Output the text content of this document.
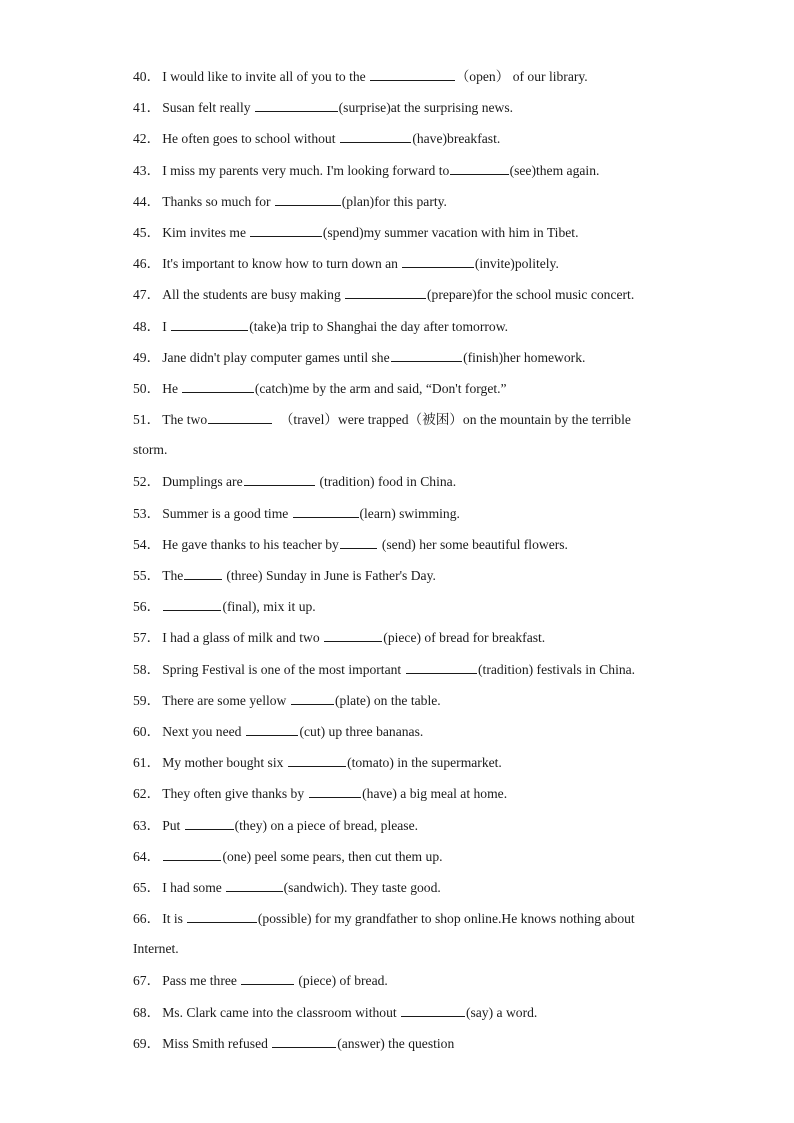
40． I would like to invite all of you to the	（open） of our library.
41． Susan felt really	(surprise)at the surprising news.
42． He often goes to school without	(have)breakfast.
43． I miss my parents very much. I'm looking forward to	(see)them again.
44． Thanks so much for	(plan)for this party.
45． Kim invites me	(spend)my summer vacation with him in Tibet.
46． It's important to know how to turn down an	(invite)politely.
47． All the students are busy making	(prepare)for the school music concert.
48． I	(take)a trip to Shanghai the day after tomorrow.
49． Jane didn't play computer games until she	(finish)her homework.
50． He	(catch)me by the arm and said, “Don't forget.”
51． The two	（travel）were trapped（被困）on the mountain by the terrible
storm.
52． Dumplings are	(tradition) food in China.
53． Summer is a good time	(learn) swimming.
54． He gave thanks to his teacher by	(send) her some beautiful flowers.
55． The	(three) Sunday in June is Father's Day.
56．	(final), mix it up.
57． I had a glass of milk and two	(piece) of bread for breakfast.
58． Spring Festival is one of the most important	(tradition) festivals in China.
59． There are some yellow	(plate) on the table.
60． Next you need	(cut) up three bananas.
61． My mother bought six	(tomato) in the supermarket.
62． They often give thanks by	(have) a big meal at home.
63． Put	(they) on a piece of bread, please.
64．	(one) peel some pears, then cut them up.
65． I had some	(sandwich). They taste good.
66． It is	(possible) for my grandfather to shop online.He knows nothing about
Internet.
67． Pass me three	(piece) of bread.
68． Ms. Clark came into the classroom without	(say) a word.
69． Miss Smith refused	(answer) the question
